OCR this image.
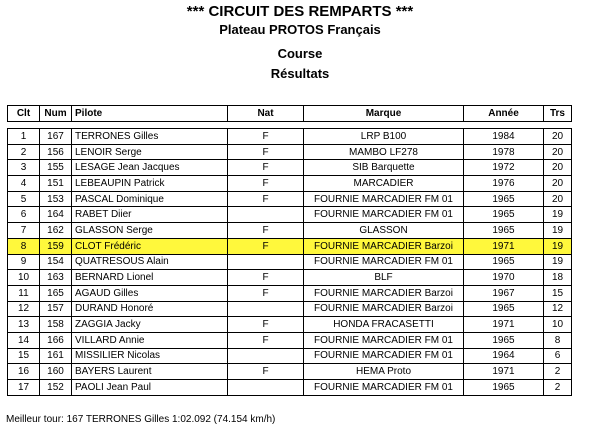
*** CIRCUIT DES REMPARTS ***
Plateau PROTOS Français
Course
Résultats
Clt	Num	Pilote	Nat	Marque	Année	Trs

1	167	TERRONES Gilles	F	LRP B100	1984	20
2	156	LENOIR Serge	F	MAMBO LF278	1978	20
3	155	LESAGE Jean Jacques	F	SIB Barquette	1972	20
4	151	LEBEAUPIN Patrick	F	MARCADIER	1976	20
5	153	PASCAL Dominique	F	FOURNIE MARCADIER FM 01	1965	20
6	164	RABET Diier		FOURNIE MARCADIER FM 01	1965	19
7	162	GLASSON Serge	F	GLASSON	1965	19
8	159	CLOT Frédéric	F	FOURNIE MARCADIER Barzoi	1971	19
9	154	QUATRESOUS Alain		FOURNIE MARCADIER FM 01	1965	19
10	163	BERNARD Lionel	F	BLF	1970	18
11	165	AGAUD Gilles	F	FOURNIE MARCADIER Barzoi	1967	15
12	157	DURAND Honoré		FOURNIE MARCADIER Barzoi	1965	12
13	158	ZAGGIA Jacky	F	HONDA FRACASETTI	1971	10
14	166	VILLARD Annie	F	FOURNIE MARCADIER FM 01	1965	8
15	161	MISSILIER Nicolas		FOURNIE MARCADIER FM 01	1964	6
16	160	BAYERS Laurent	F	HEMA Proto	1971	2
17	152	PAOLI Jean Paul		FOURNIE MARCADIER FM 01	1965	2
Meilleur tour: 167 TERRONES Gilles 1:02.092 (74.154 km/h)
